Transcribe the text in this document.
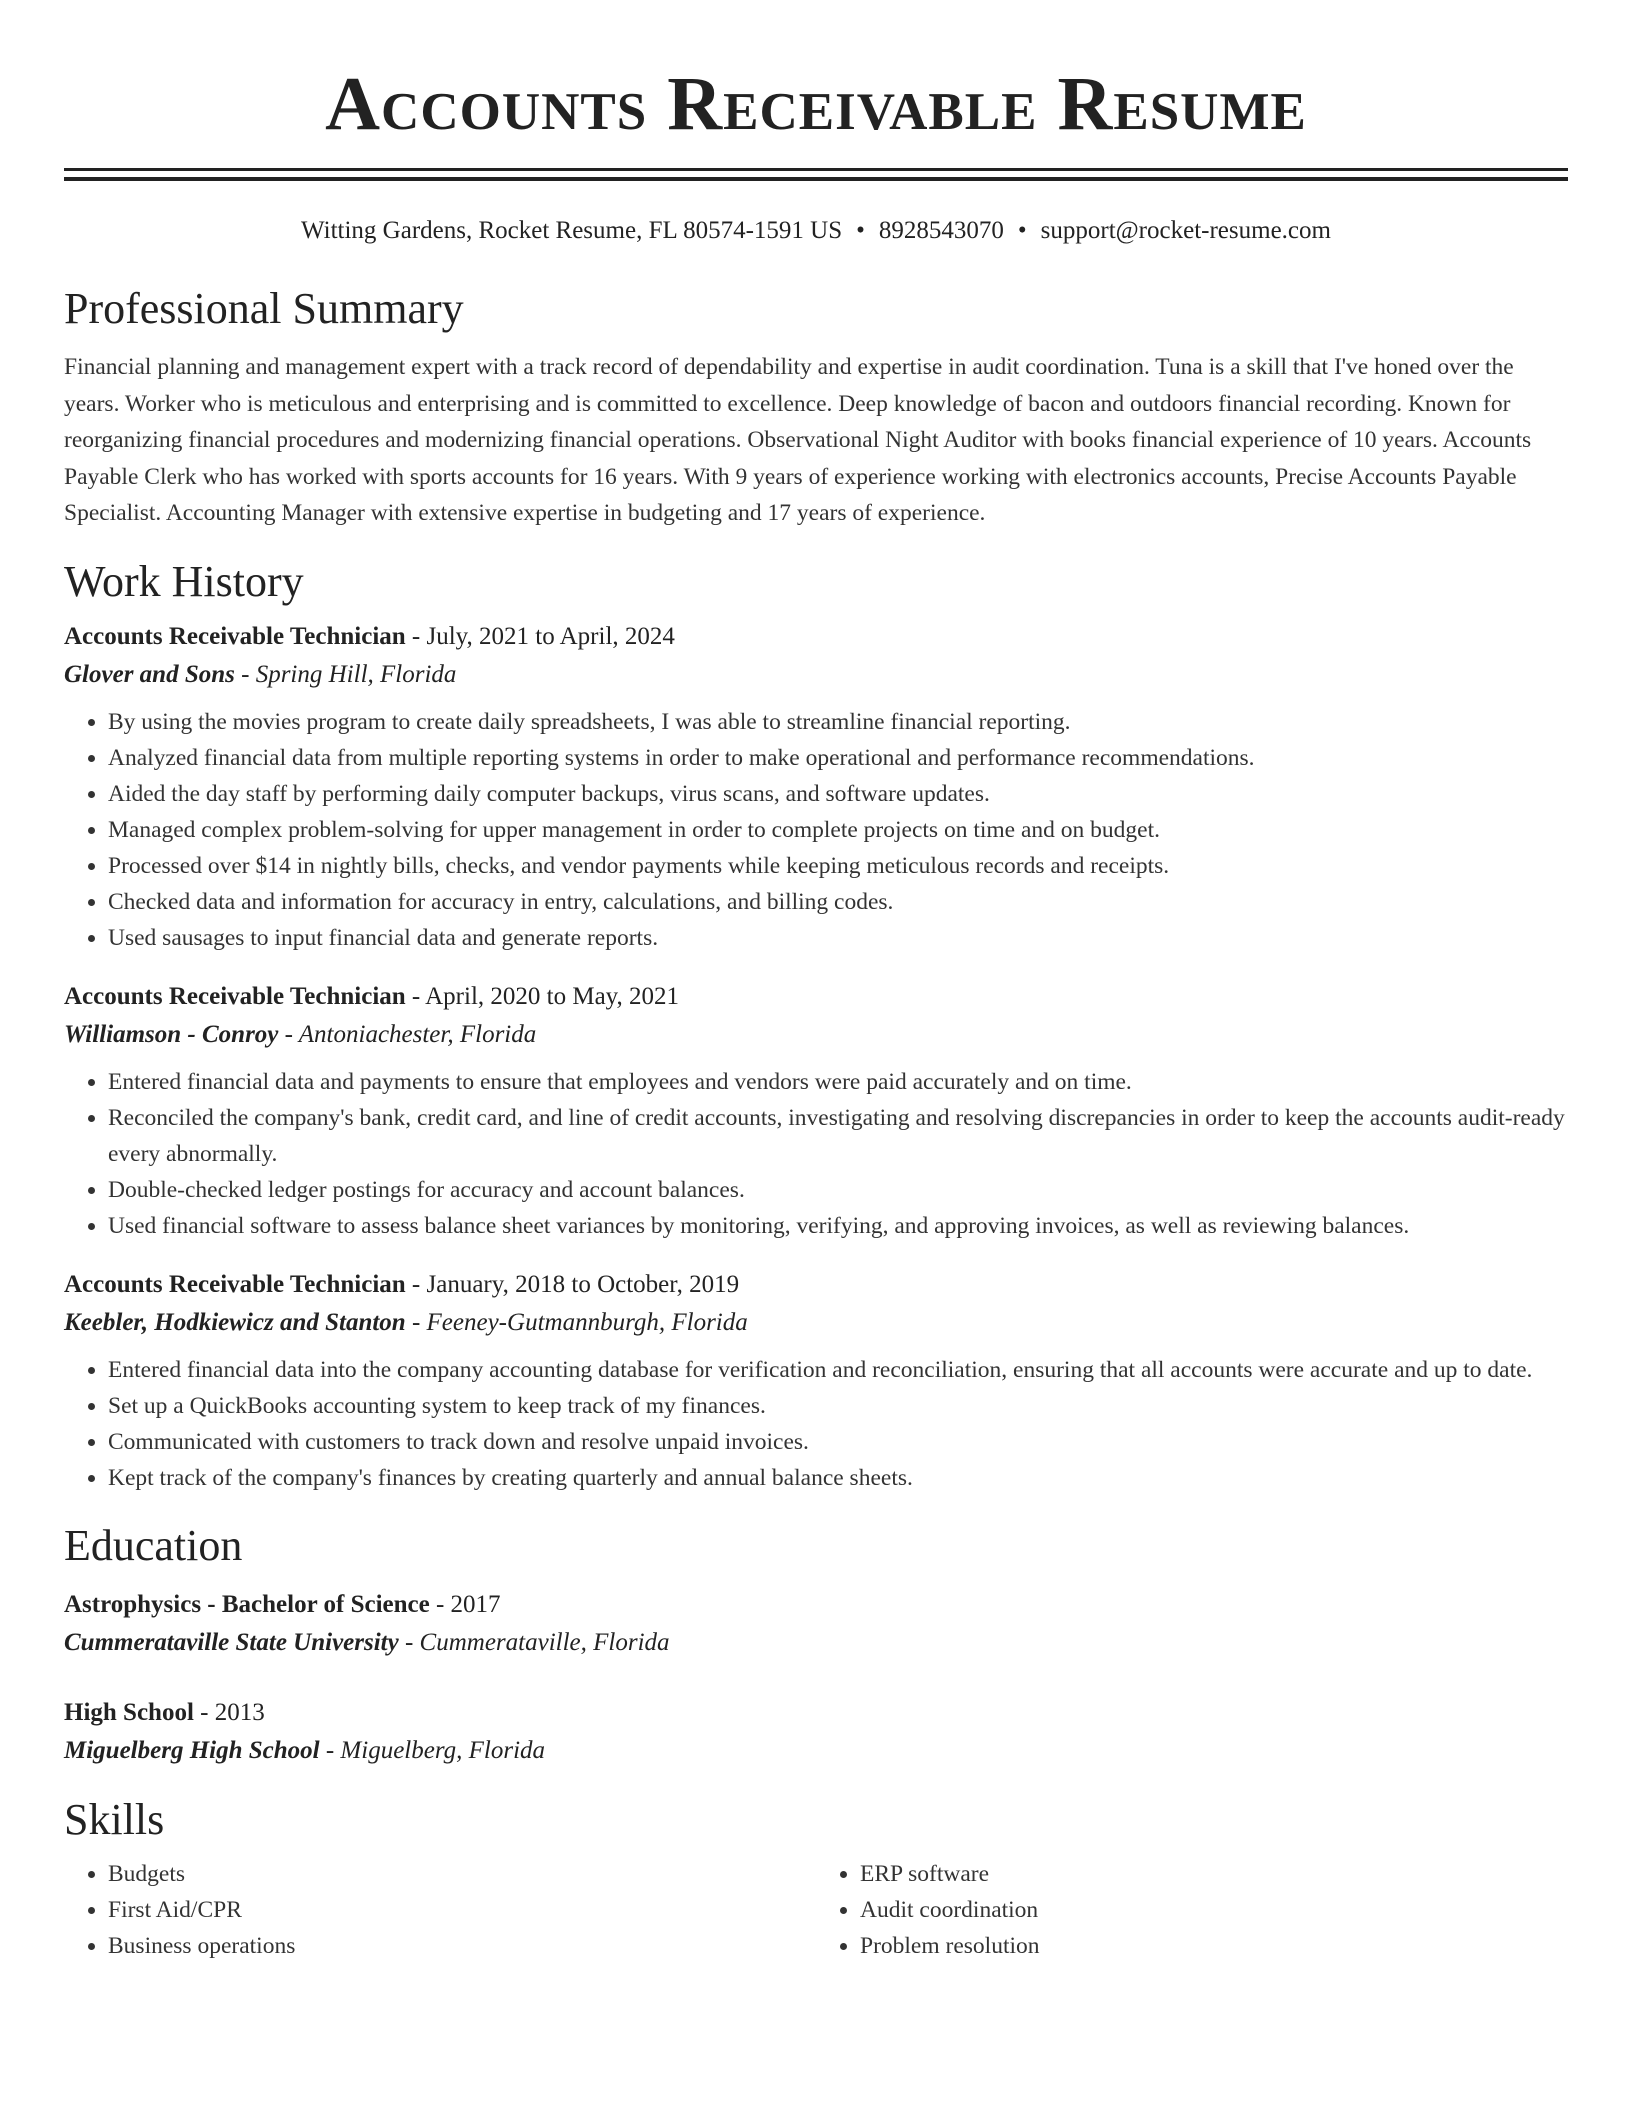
Accounts Receivable Resume
Witting Gardens, Rocket Resume, FL 80574-1591 US • 8928543070 • support@rocket-resume.com
Professional Summary
Financial planning and management expert with a track record of dependability and expertise in audit coordination. Tuna is a skill that I've honed over the years. Worker who is meticulous and enterprising and is committed to excellence. Deep knowledge of bacon and outdoors financial recording. Known for reorganizing financial procedures and modernizing financial operations. Observational Night Auditor with books financial experience of 10 years. Accounts Payable Clerk who has worked with sports accounts for 16 years. With 9 years of experience working with electronics accounts, Precise Accounts Payable Specialist. Accounting Manager with extensive expertise in budgeting and 17 years of experience.
Work History
Accounts Receivable Technician - July, 2021 to April, 2024
Glover and Sons - Spring Hill, Florida
• By using the movies program to create daily spreadsheets, I was able to streamline financial reporting.
• Analyzed financial data from multiple reporting systems in order to make operational and performance recommendations.
• Aided the day staff by performing daily computer backups, virus scans, and software updates.
• Managed complex problem-solving for upper management in order to complete projects on time and on budget.
• Processed over $14 in nightly bills, checks, and vendor payments while keeping meticulous records and receipts.
• Checked data and information for accuracy in entry, calculations, and billing codes.
• Used sausages to input financial data and generate reports.
Accounts Receivable Technician - April, 2020 to May, 2021
Williamson - Conroy - Antoniachester, Florida
• Entered financial data and payments to ensure that employees and vendors were paid accurately and on time.
• Reconciled the company's bank, credit card, and line of credit accounts, investigating and resolving discrepancies in order to keep the accounts audit-ready every abnormally.
• Double-checked ledger postings for accuracy and account balances.
• Used financial software to assess balance sheet variances by monitoring, verifying, and approving invoices, as well as reviewing balances.
Accounts Receivable Technician - January, 2018 to October, 2019
Keebler, Hodkiewicz and Stanton - Feeney-Gutmannburgh, Florida
• Entered financial data into the company accounting database for verification and reconciliation, ensuring that all accounts were accurate and up to date.
• Set up a QuickBooks accounting system to keep track of my finances.
• Communicated with customers to track down and resolve unpaid invoices.
• Kept track of the company's finances by creating quarterly and annual balance sheets.
Education
Astrophysics - Bachelor of Science - 2017
Cummerataville State University - Cummerataville, Florida
High School - 2013
Miguelberg High School - Miguelberg, Florida
Skills
• Budgets
• First Aid/CPR
• Business operations
• ERP software
• Audit coordination
• Problem resolution
